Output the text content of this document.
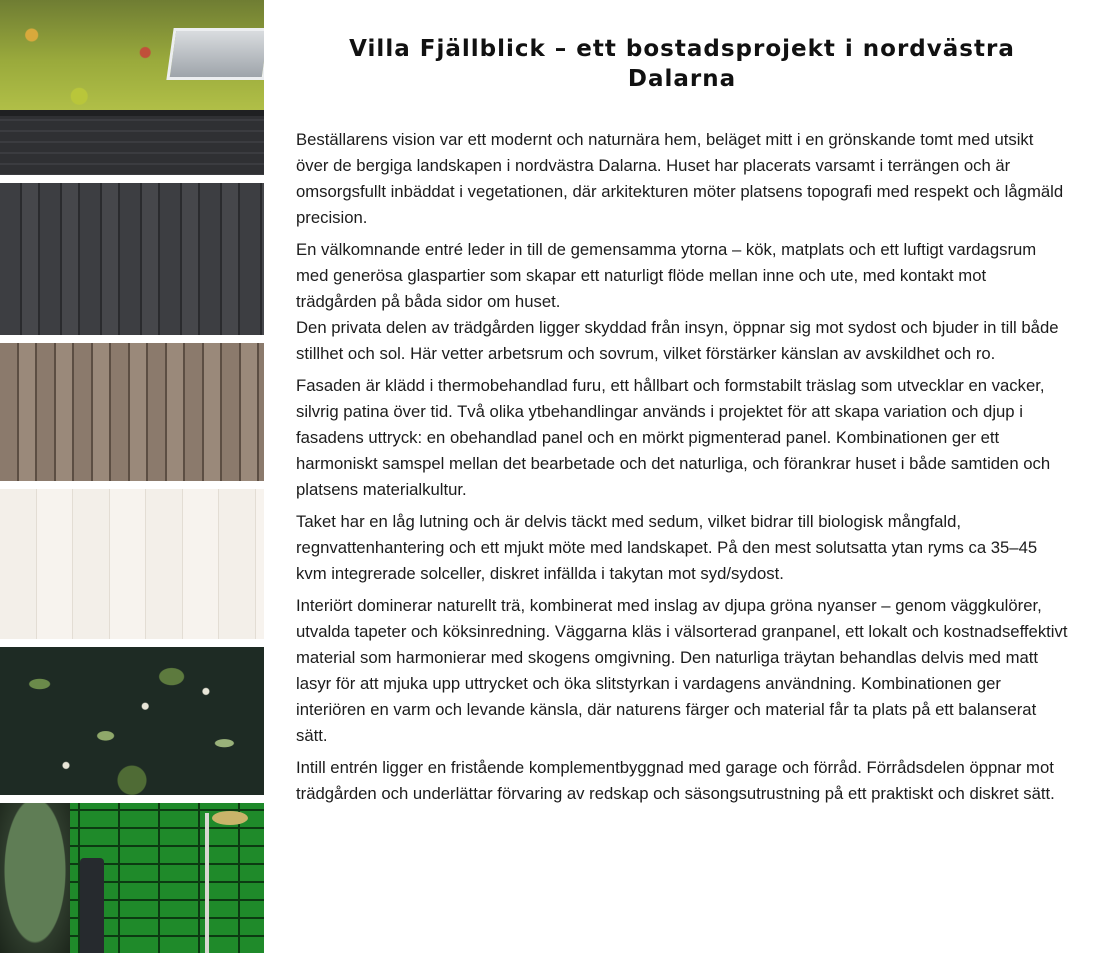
Villa Fjällblick – ett bostadsprojekt i nordvästra Dalarna

Beställarens vision var ett modernt och naturnära hem, beläget mitt i en grönskande tomt med utsikt över de bergiga landskapen i nordvästra Dalarna. Huset har placerats varsamt i terrängen och är omsorgsfullt inbäddat i vegetationen, där arkitekturen möter platsens topografi med respekt och lågmäld precision.

En välkomnande entré leder in till de gemensamma ytorna – kök, matplats och ett luftigt vardagsrum med generösa glaspartier som skapar ett naturligt flöde mellan inne och ute, med kontakt mot trädgården på båda sidor om huset.

Den privata delen av trädgården ligger skyddad från insyn, öppnar sig mot sydost och bjuder in till både stillhet och sol. Här vetter arbetsrum och sovrum, vilket förstärker känslan av avskildhet och ro.

Fasaden är klädd i thermobehandlad furu, ett hållbart och formstabilt träslag som utvecklar en vacker, silvrig patina över tid. Två olika ytbehandlingar används i projektet för att skapa variation och djup i fasadens uttryck: en obehandlad panel och en mörkt pigmenterad panel. Kombinationen ger ett harmoniskt samspel mellan det bearbetade och det naturliga, och förankrar huset i både samtiden och platsens materialkultur.

Taket har en låg lutning och är delvis täckt med sedum, vilket bidrar till biologisk mångfald, regnvattenhantering och ett mjukt möte med landskapet. På den mest solutsatta ytan ryms ca 35–45 kvm integrerade solceller, diskret infällda i takytan mot syd/sydost.

Interiört dominerar naturellt trä, kombinerat med inslag av djupa gröna nyanser – genom väggkulörer, utvalda tapeter och köksinredning. Väggarna kläs i välsorterad granpanel, ett lokalt och kostnadseffektivt material som harmonierar med skogens omgivning. Den naturliga träytan behandlas delvis med matt lasyr för att mjuka upp uttrycket och öka slitstyrkan i vardagens användning. Kombinationen ger interiören en varm och levande känsla, där naturens färger och material får ta plats på ett balanserat sätt.

Intill entrén ligger en fristående komplementbyggnad med garage och förråd. Förrådsdelen öppnar mot trädgården och underlättar förvaring av redskap och säsongsutrustning på ett praktiskt och diskret sätt.
